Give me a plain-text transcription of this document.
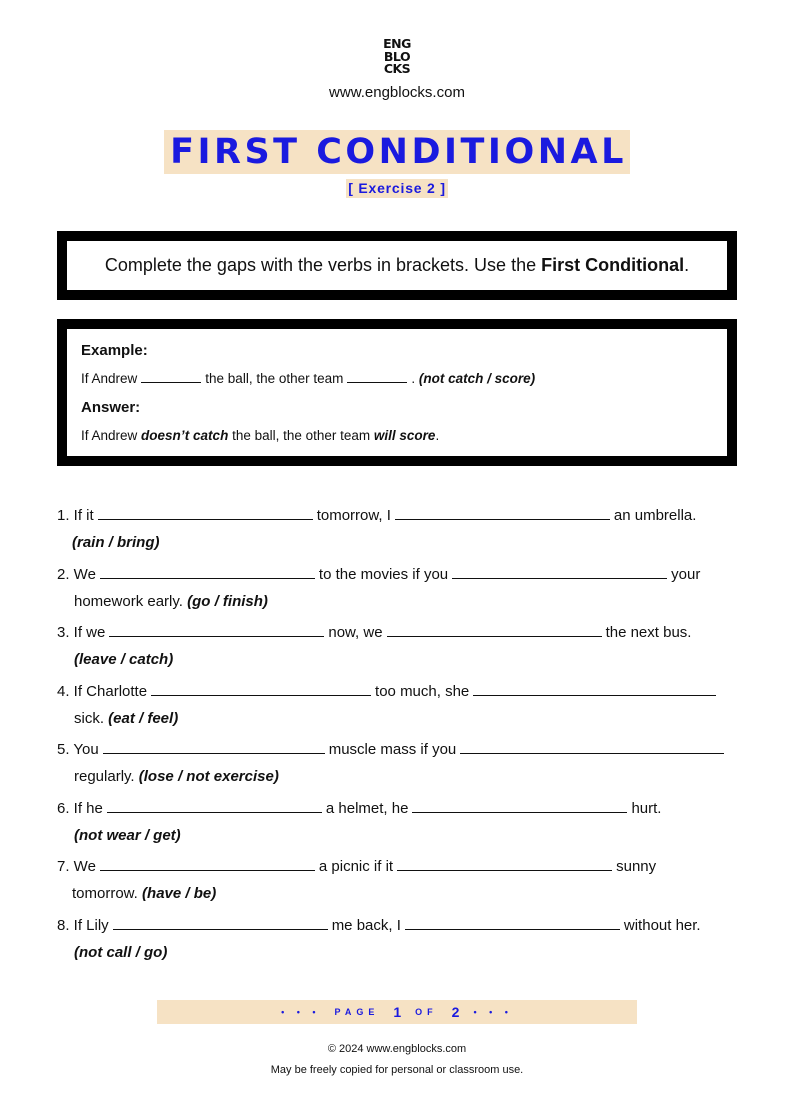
ENG
BLO
CKS
www.engblocks.com
FIRST CONDITIONAL
[ Exercise 2 ]
Complete the gaps with the verbs in brackets. Use the First Conditional.

Example:

If Andrew	the ball, the other team	. (not catch / score)

Answer:

If Andrew doesn’t catch the ball, the other team will score.

1. If it	tomorrow, I	an umbrella.
(rain / bring)
2. We	to the movies if you	your
homework early. (go / finish)
3. If we	now, we	the next bus.
(leave / catch)
4. If Charlotte	too much, she
sick. (eat / feel)
5. You	muscle mass if you
regularly. (lose / not exercise)
6. If he	a helmet, he	hurt.
(not wear / get)
7. We	a picnic if it	sunny
tomorrow. (have / be)
8. If Lily	me back, I	without her.
(not call / go)
• • • PAGE 1 OF 2 • • •
© 2024 www.engblocks.com
May be freely copied for personal or classroom use.
